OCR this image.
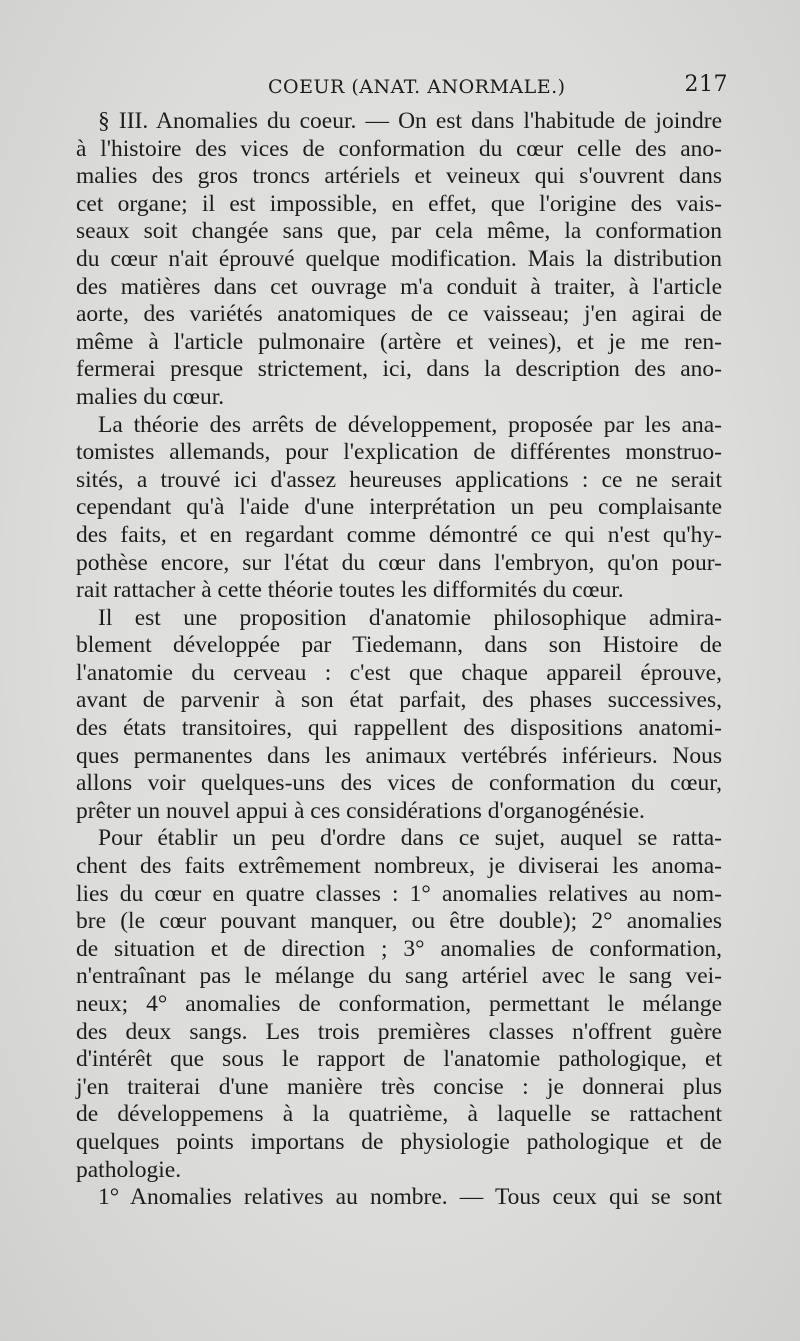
COEUR (ANAT. ANORMALE.)	217
§ III. Anomalies du coeur. — On est dans l'habitude de joindre
à l'histoire des vices de conformation du cœur celle des ano-
malies des gros troncs artériels et veineux qui s'ouvrent dans
cet organe; il est impossible, en effet, que l'origine des vais-
seaux soit changée sans que, par cela même, la conformation
du cœur n'ait éprouvé quelque modification. Mais la distribution
des matières dans cet ouvrage m'a conduit à traiter, à l'article
aorte, des variétés anatomiques de ce vaisseau; j'en agirai de
même à l'article pulmonaire (artère et veines), et je me ren-
fermerai presque strictement, ici, dans la description des ano-
malies du cœur.
La théorie des arrêts de développement, proposée par les ana-
tomistes allemands, pour l'explication de différentes monstruo-
sités, a trouvé ici d'assez heureuses applications : ce ne serait
cependant qu'à l'aide d'une interprétation un peu complaisante
des faits, et en regardant comme démontré ce qui n'est qu'hy-
pothèse encore, sur l'état du cœur dans l'embryon, qu'on pour-
rait rattacher à cette théorie toutes les difformités du cœur.
Il est une proposition d'anatomie philosophique admira-
blement développée par Tiedemann, dans son Histoire de
l'anatomie du cerveau : c'est que chaque appareil éprouve,
avant de parvenir à son état parfait, des phases successives,
des états transitoires, qui rappellent des dispositions anatomi-
ques permanentes dans les animaux vertébrés inférieurs. Nous
allons voir quelques-uns des vices de conformation du cœur,
prêter un nouvel appui à ces considérations d'organogénésie.
Pour établir un peu d'ordre dans ce sujet, auquel se ratta-
chent des faits extrêmement nombreux, je diviserai les anoma-
lies du cœur en quatre classes : 1° anomalies relatives au nom-
bre (le cœur pouvant manquer, ou être double); 2° anomalies
de situation et de direction ; 3° anomalies de conformation,
n'entraînant pas le mélange du sang artériel avec le sang vei-
neux; 4° anomalies de conformation, permettant le mélange
des deux sangs. Les trois premières classes n'offrent guère
d'intérêt que sous le rapport de l'anatomie pathologique, et
j'en traiterai d'une manière très concise : je donnerai plus
de développemens à la quatrième, à laquelle se rattachent
quelques points importans de physiologie pathologique et de
pathologie.
1° Anomalies relatives au nombre. — Tous ceux qui se sont
